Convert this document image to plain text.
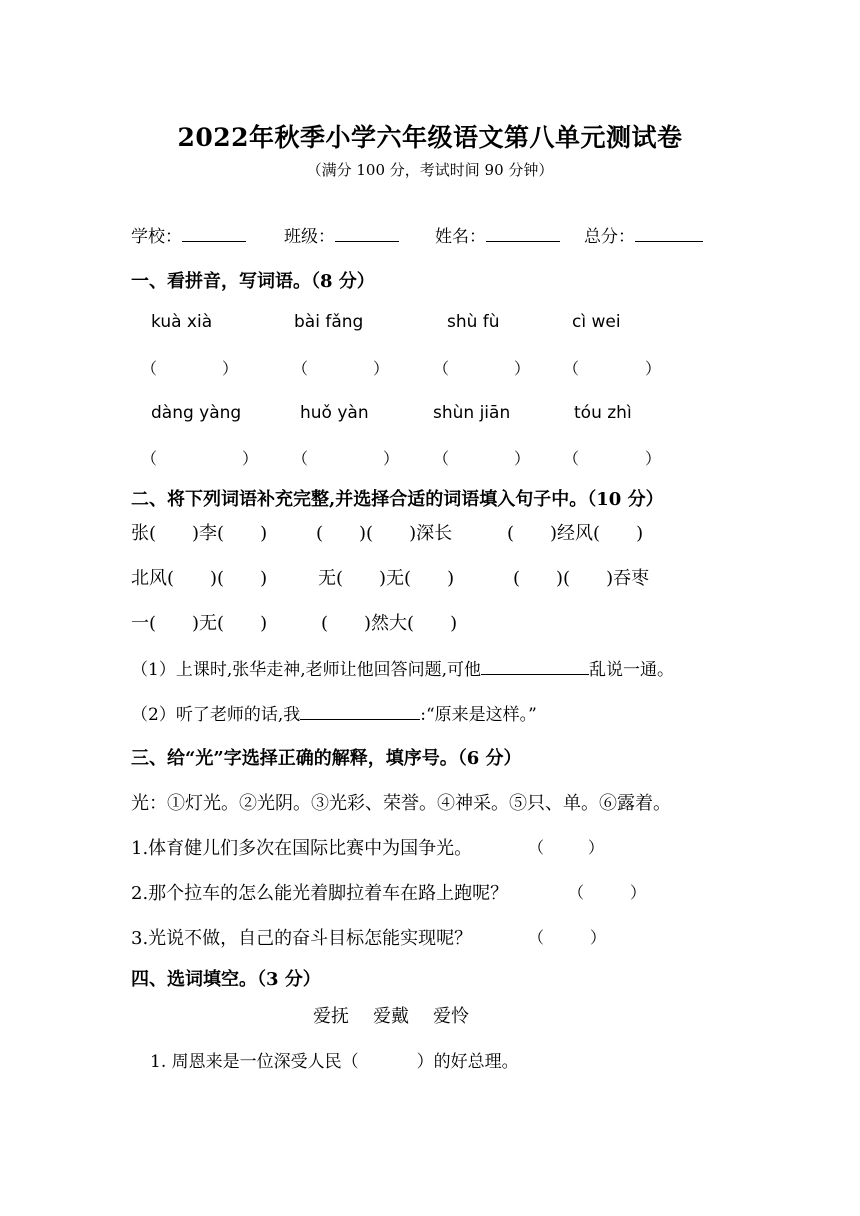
2022年秋季小学六年级语文第八单元测试卷
（满分 100 分，考试时间 90 分钟）
学校：	班级：	姓名：	总分：
一、看拼音，写词语。（8 分）
kuà xià	bài fǎng	shù fù	cì wei
（	）	（	）	（	） （	）
dàng yàng	huǒ yàn	shùn jiān	tóu zhì
（	） （	） （	） （	）
二、将下列词语补充完整,并选择合适的词语填入句子中。（10 分）
张(　　)李(　　)	(　　)(　　)深长	(　　)经风(　　)
北风(　　)(　　)	无(　　)无(　　)	(　　)(　　)吞枣
一(　　)无(　　)	(　　)然大(　　)
（1）上课时,张华走神,老师让他回答问题,可他	乱说一通。
（2）听了老师的话,我	:“原来是这样。”
三、给“光”字选择正确的解释，填序号。（6 分）
光：①灯光。②光阴。③光彩、荣誉。④神采。⑤只、单。⑥露着。
1.体育健儿们多次在国际比赛中为国争光。	（	）
2.那个拉车的怎么能光着脚拉着车在路上跑呢？	（	）
3.光说不做，自己的奋斗目标怎能实现呢？	（	）
四、选词填空。（3 分）
爱抚 爱戴 爱怜
1. 周恩来是一位深受人民（	）的好总理。
